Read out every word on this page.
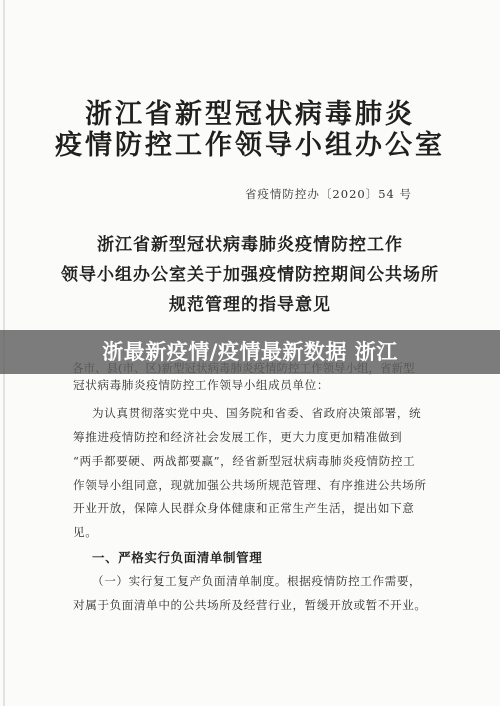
浙江省新型冠状病毒肺炎
疫情防控工作领导小组办公室
省疫情防控办〔2020〕54 号
浙江省新型冠状病毒肺炎疫情防控工作
领导小组办公室关于加强疫情防控期间公共场所
规范管理的指导意见
浙最新疫情/疫情最新数据 浙江
冠状病毒肺炎疫情防控工作领导小组成员单位：
为认真贯彻落实党中央、国务院和省委、省政府决策部署，统
筹推进疫情防控和经济社会发展工作，更大力度更加精准做到
“两手都要硬、两战都要赢”，经省新型冠状病毒肺炎疫情防控工
作领导小组同意，现就加强公共场所规范管理、有序推进公共场所
开业开放，保障人民群众身体健康和正常生产生活，提出如下意
见。
一、严格实行负面清单制管理
（一）实行复工复产负面清单制度。根据疫情防控工作需要，
对属于负面清单中的公共场所及经营行业，暂缓开放或暂不开业。
